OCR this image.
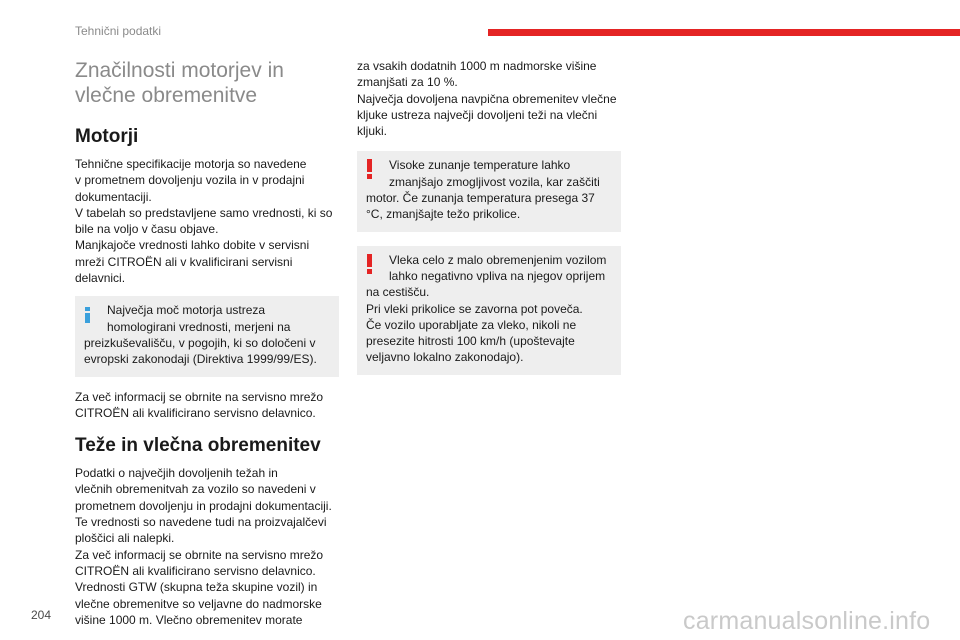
Tehnični podatki
Značilnosti motorjev in vlečne obremenitve
Motorji

Tehnične specifikacije motorja so navedene
v prometnem dovoljenju vozila in v prodajni
dokumentaciji.
V tabelah so predstavljene samo vrednosti, ki so
bile na voljo v času objave.
Manjkajoče vrednosti lahko dobite v servisni
mreži CITROËN ali v kvalificirani servisni
delavnici.

Največja moč motorja ustreza

homologirani vrednosti, merjeni na

preizkuševališču, v pogojih, ki so določeni v
evropski zakonodaji (Direktiva 1999/99/ES).

Za več informacij se obrnite na servisno mrežo
CITROËN ali kvalificirano servisno delavnico.

Teže in vlečna obremenitev

Podatki o največjih dovoljenih težah in
vlečnih obremenitvah za vozilo so navedeni v
prometnem dovoljenju in prodajni dokumentaciji.
Te vrednosti so navedene tudi na proizvajalčevi
ploščici ali nalepki.
Za več informacij se obrnite na servisno mrežo
CITROËN ali kvalificirano servisno delavnico.
Vrednosti GTW (skupna teža skupine vozil) in
vlečne obremenitve so veljavne do nadmorske
višine 1000 m. Vlečno obremenitev morate

za vsakih dodatnih 1000 m nadmorske višine
zmanjšati za 10 %.
Največja dovoljena navpična obremenitev vlečne
kljuke ustreza največji dovoljeni teži na vlečni
kljuki.

Visoke zunanje temperature lahko

zmanjšajo zmogljivost vozila, kar zaščiti

motor. Če zunanja temperatura presega 37
°C, zmanjšajte težo prikolice.

Vleka celo z malo obremenjenim vozilom

lahko negativno vpliva na njegov oprijem

na cestišču.
Pri vleki prikolice se zavorna pot poveča.
Če vozilo uporabljate za vleko, nikoli ne
presezite hitrosti 100 km/h (upoštevajte
veljavno lokalno zakonodajo).

204	carmanualsonline.info
